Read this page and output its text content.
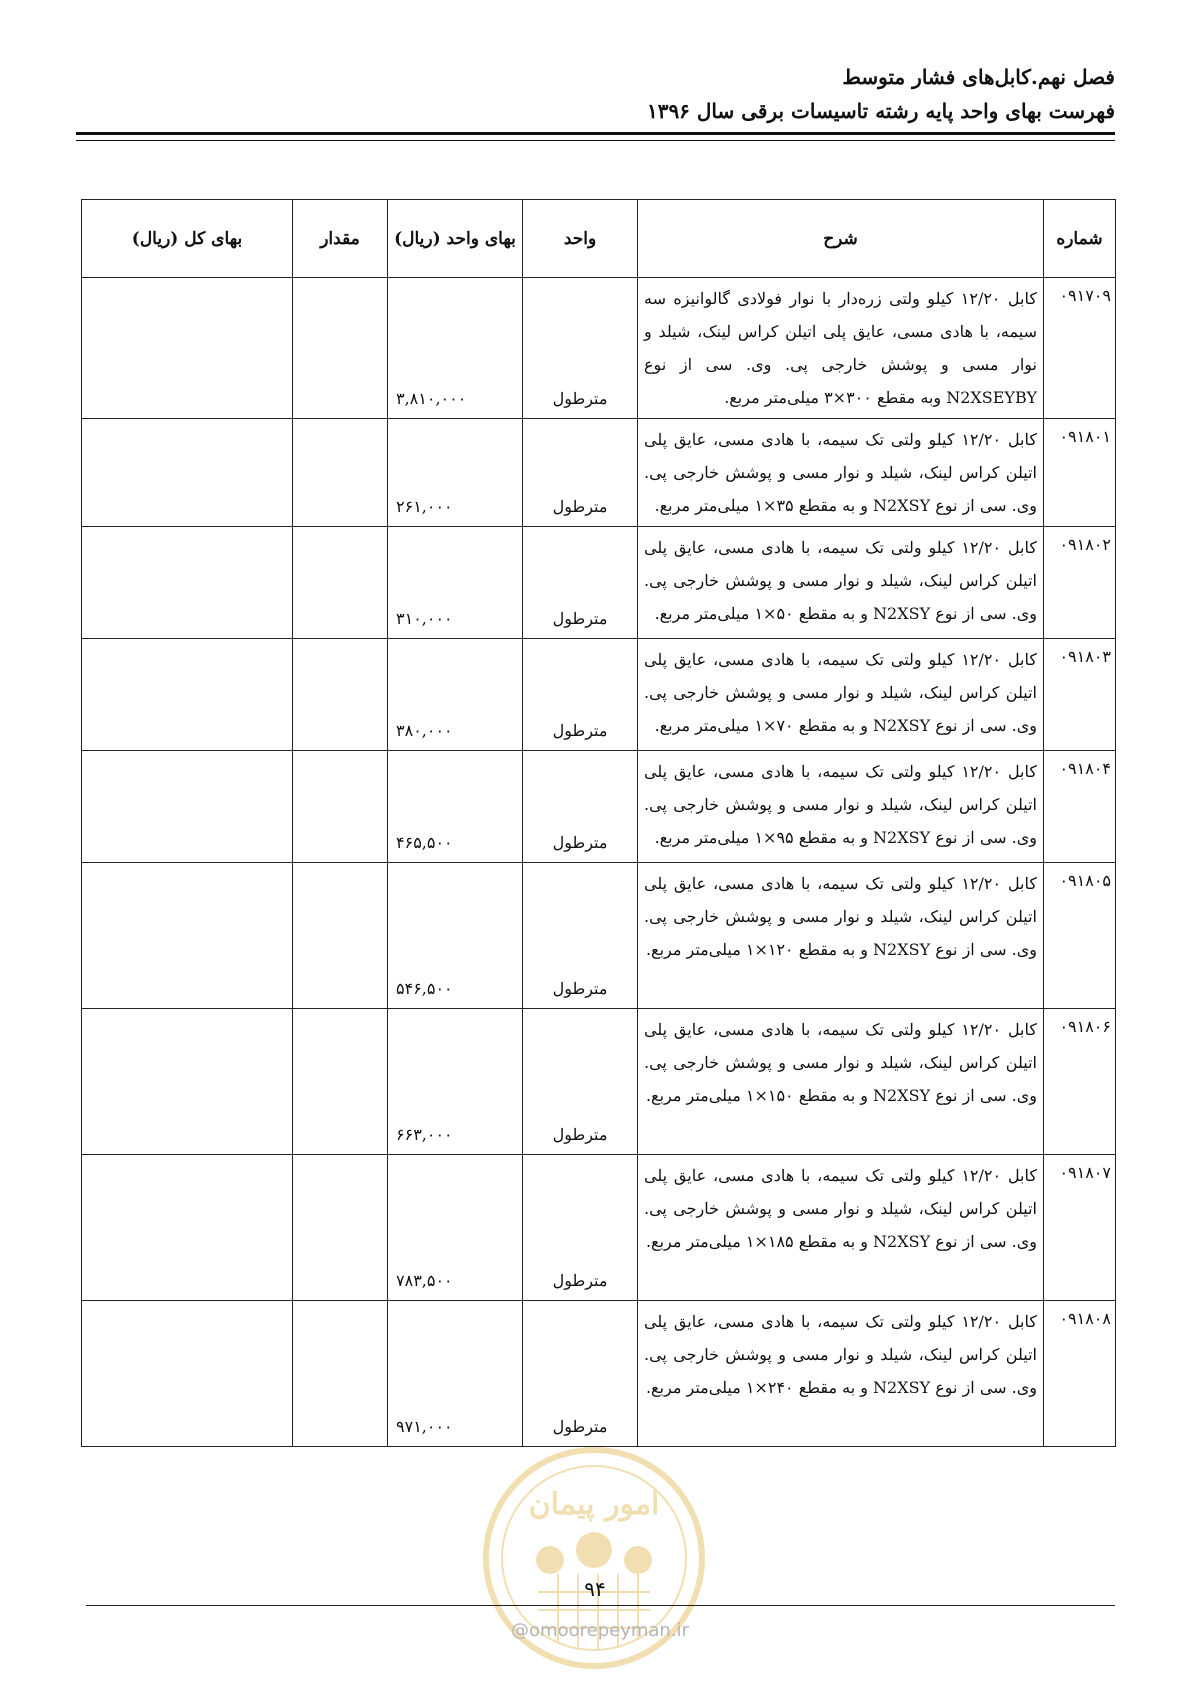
فصل نهم.کابل‌های فشار متوسط
فهرست بهای واحد پایه رشته تاسیسات برقی سال ۱۳۹۶
شماره	شرح	واحد	بهای واحد (ریال)	مقدار	بهای کل (ریال)
۰۹۱۷۰۹	کابل ۱۲/۲۰ کیلو ولتی زره‌دار با نوار فولادی گالوانیزه سه سیمه، با هادی مسی، عایق پلی اتیلن کراس لینک، شیلد و نوار مسی و پوشش خارجی پی. وی. سی از نوع N2XSEYBY وبه مقطع ۳۰۰×۳ میلی‌متر مربع.	مترطول	۳,۸۱۰,۰۰۰		
۰۹۱۸۰۱	کابل ۱۲/۲۰ کیلو ولتی تک سیمه، با هادی مسی، عایق پلی اتیلن کراس لینک، شیلد و نوار مسی و پوشش خارجی پی. وی. سی از نوع N2XSY و به مقطع ۳۵×۱ میلی‌متر مربع.	مترطول	۲۶۱,۰۰۰		
۰۹۱۸۰۲	کابل ۱۲/۲۰ کیلو ولتی تک سیمه، با هادی مسی، عایق پلی اتیلن کراس لینک، شیلد و نوار مسی و پوشش خارجی پی. وی. سی از نوع N2XSY و به مقطع ۵۰×۱ میلی‌متر مربع.	مترطول	۳۱۰,۰۰۰		
۰۹۱۸۰۳	کابل ۱۲/۲۰ کیلو ولتی تک سیمه، با هادی مسی، عایق پلی اتیلن کراس لینک، شیلد و نوار مسی و پوشش خارجی پی. وی. سی از نوع N2XSY و به مقطع ۷۰×۱ میلی‌متر مربع.	مترطول	۳۸۰,۰۰۰		
۰۹۱۸۰۴	کابل ۱۲/۲۰ کیلو ولتی تک سیمه، با هادی مسی، عایق پلی اتیلن کراس لینک، شیلد و نوار مسی و پوشش خارجی پی. وی. سی از نوع N2XSY و به مقطع ۹۵×۱ میلی‌متر مربع.	مترطول	۴۶۵,۵۰۰		
۰۹۱۸۰۵	کابل ۱۲/۲۰ کیلو ولتی تک سیمه، با هادی مسی، عایق پلی اتیلن کراس لینک، شیلد و نوار مسی و پوشش خارجی پی. وی. سی از نوع N2XSY و به مقطع ۱۲۰×۱ میلی‌متر مربع.	مترطول	۵۴۶,۵۰۰		
۰۹۱۸۰۶	کابل ۱۲/۲۰ کیلو ولتی تک سیمه، با هادی مسی، عایق پلی اتیلن کراس لینک، شیلد و نوار مسی و پوشش خارجی پی. وی. سی از نوع N2XSY و به مقطع ۱۵۰×۱ میلی‌متر مربع.	مترطول	۶۶۳,۰۰۰		
۰۹۱۸۰۷	کابل ۱۲/۲۰ کیلو ولتی تک سیمه، با هادی مسی، عایق پلی اتیلن کراس لینک، شیلد و نوار مسی و پوشش خارجی پی. وی. سی از نوع N2XSY و به مقطع ۱۸۵×۱ میلی‌متر مربع.	مترطول	۷۸۳,۵۰۰		
۰۹۱۸۰۸	کابل ۱۲/۲۰ کیلو ولتی تک سیمه، با هادی مسی، عایق پلی اتیلن کراس لینک، شیلد و نوار مسی و پوشش خارجی پی. وی. سی از نوع N2XSY و به مقطع ۲۴۰×۱ میلی‌متر مربع.	مترطول	۹۷۱,۰۰۰		
امور پیمان
۹۴
@omoorepeyman.ir
